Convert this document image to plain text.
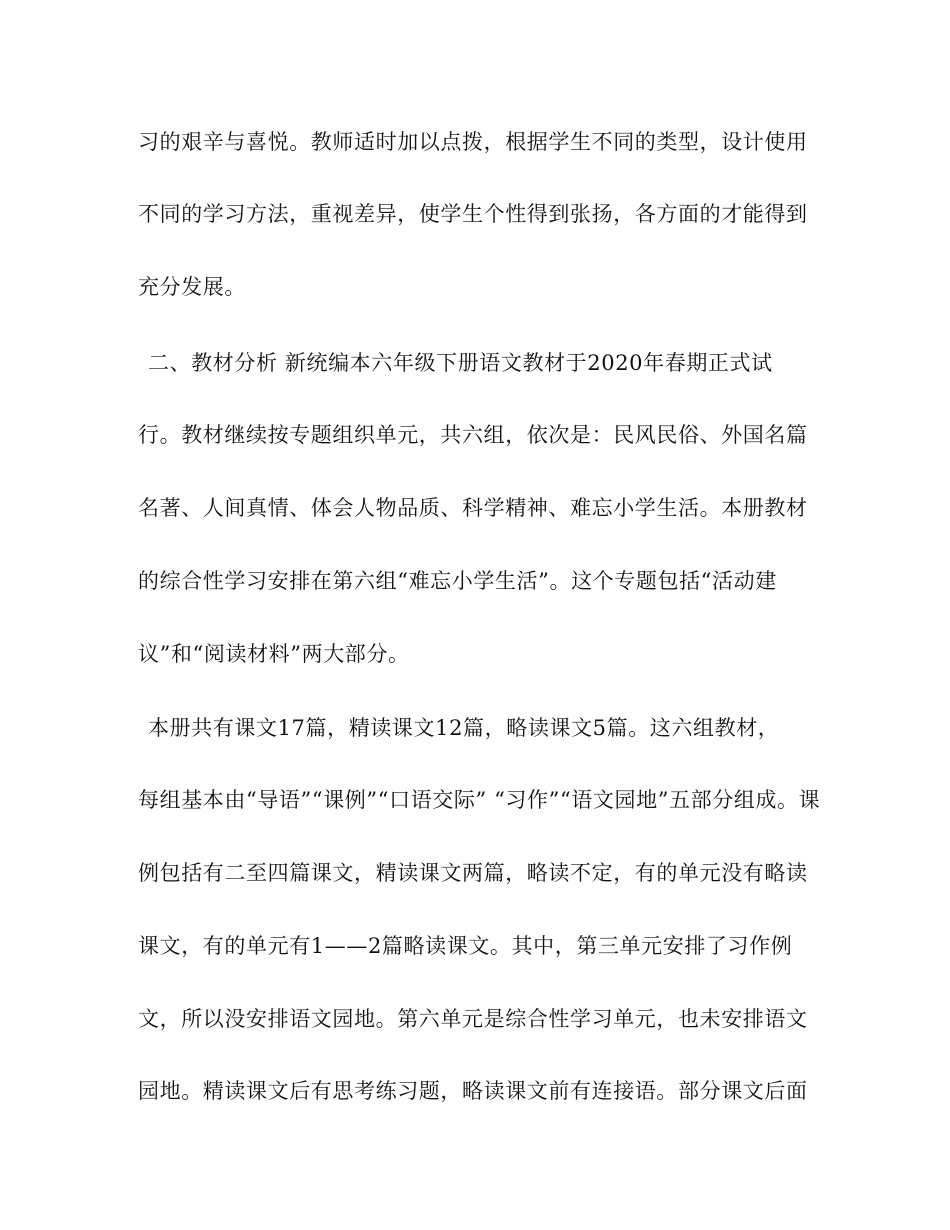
习的艰辛与喜悦。教师适时加以点拨，根据学生不同的类型，设计使用
不同的学习方法，重视差异，使学生个性得到张扬，各方面的才能得到
充分发展。
二、教材分析 新统编本六年级下册语文教材于2020年春期正式试
行。教材继续按专题组织单元，共六组，依次是：民风民俗、外国名篇
名著、人间真情、体会人物品质、科学精神、难忘小学生活。本册教材
的综合性学习安排在第六组“难忘小学生活”。这个专题包括“活动建
议”和“阅读材料”两大部分。
本册共有课文17篇，精读课文12篇，略读课文5篇。这六组教材，
每组基本由“导语”“课例”“口语交际” “习作”“语文园地”五部分组成。课
例包括有二至四篇课文，精读课文两篇，略读不定，有的单元没有略读
课文，有的单元有1——2篇略读课文。其中，第三单元安排了习作例
文，所以没安排语文园地。第六单元是综合性学习单元，也未安排语文
园地。精读课文后有思考练习题，略读课文前有连接语。部分课文后面
